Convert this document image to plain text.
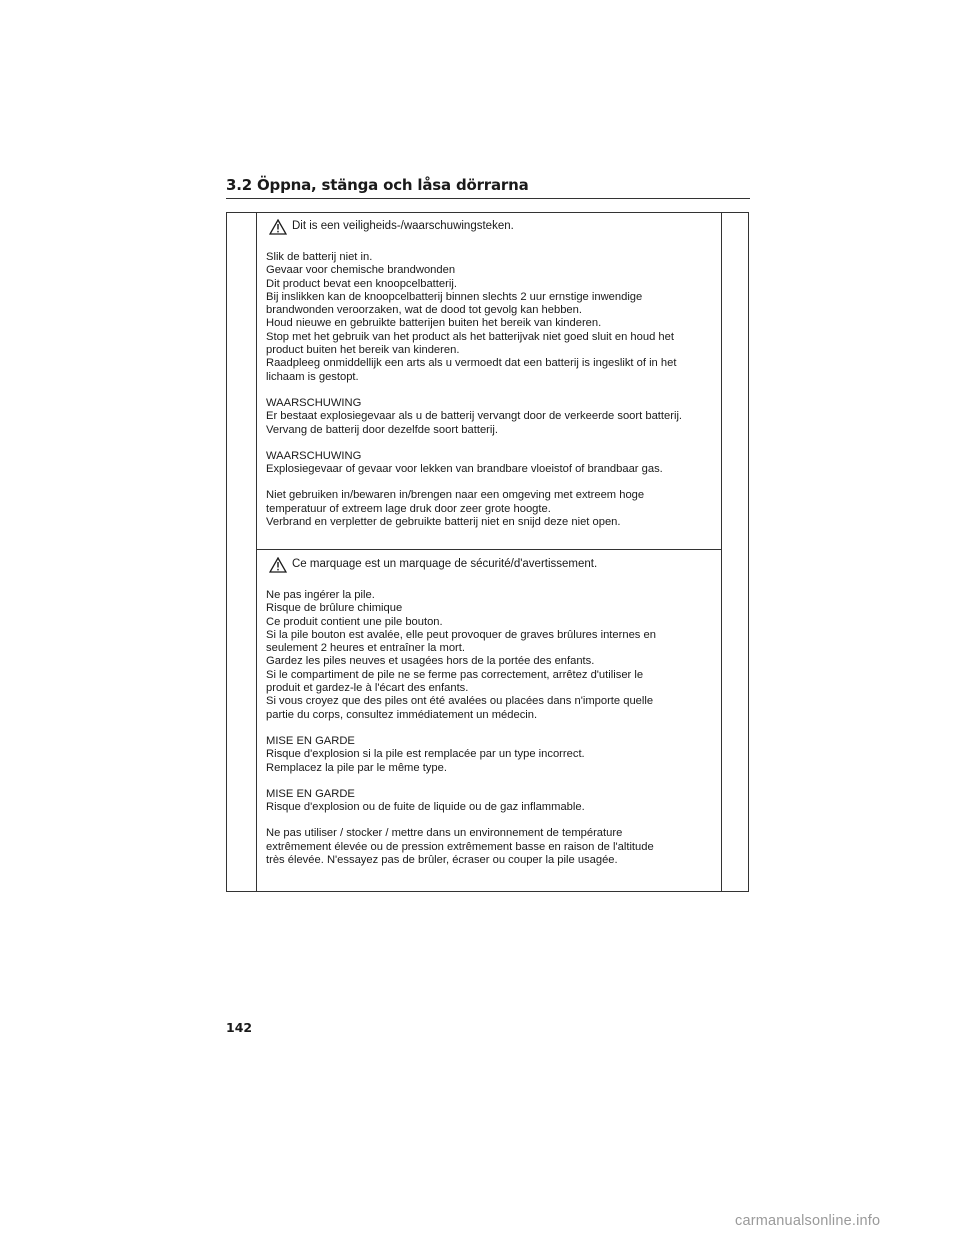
3.2 Öppna, stänga och låsa dörrarna
Dit is een veiligheids-/waarschuwingsteken.

Slik de batterij niet in.

Gevaar voor chemische brandwonden

Dit product bevat een knoopcelbatterij.

Bij inslikken kan de knoopcelbatterij binnen slechts 2 uur ernstige inwendige

brandwonden veroorzaken, wat de dood tot gevolg kan hebben.

Houd nieuwe en gebruikte batterijen buiten het bereik van kinderen.

Stop met het gebruik van het product als het batterijvak niet goed sluit en houd het

product buiten het bereik van kinderen.

Raadpleeg onmiddellijk een arts als u vermoedt dat een batterij is ingeslikt of in het

lichaam is gestopt.

WAARSCHUWING

Er bestaat explosiegevaar als u de batterij vervangt door de verkeerde soort batterij.

Vervang de batterij door dezelfde soort batterij.

WAARSCHUWING

Explosiegevaar of gevaar voor lekken van brandbare vloeistof of brandbaar gas.

Niet gebruiken in/bewaren in/brengen naar een omgeving met extreem hoge

temperatuur of extreem lage druk door zeer grote hoogte.

Verbrand en verpletter de gebruikte batterij niet en snijd deze niet open.

Ce marquage est un marquage de sécurité/d'avertissement.

Ne pas ingérer la pile.

Risque de brûlure chimique

Ce produit contient une pile bouton.

Si la pile bouton est avalée, elle peut provoquer de graves brûlures internes en

seulement 2 heures et entraîner la mort.

Gardez les piles neuves et usagées hors de la portée des enfants.

Si le compartiment de pile ne se ferme pas correctement, arrêtez d'utiliser le

produit et gardez-le à l'écart des enfants.

Si vous croyez que des piles ont été avalées ou placées dans n'importe quelle

partie du corps, consultez immédiatement un médecin.

MISE EN GARDE

Risque d'explosion si la pile est remplacée par un type incorrect.

Remplacez la pile par le même type.

MISE EN GARDE

Risque d'explosion ou de fuite de liquide ou de gaz inflammable.

Ne pas utiliser / stocker / mettre dans un environnement de température

extrêmement élevée ou de pression extrêmement basse en raison de l'altitude

très élevée. N'essayez pas de brûler, écraser ou couper la pile usagée.

142
carmanualsonline.info
